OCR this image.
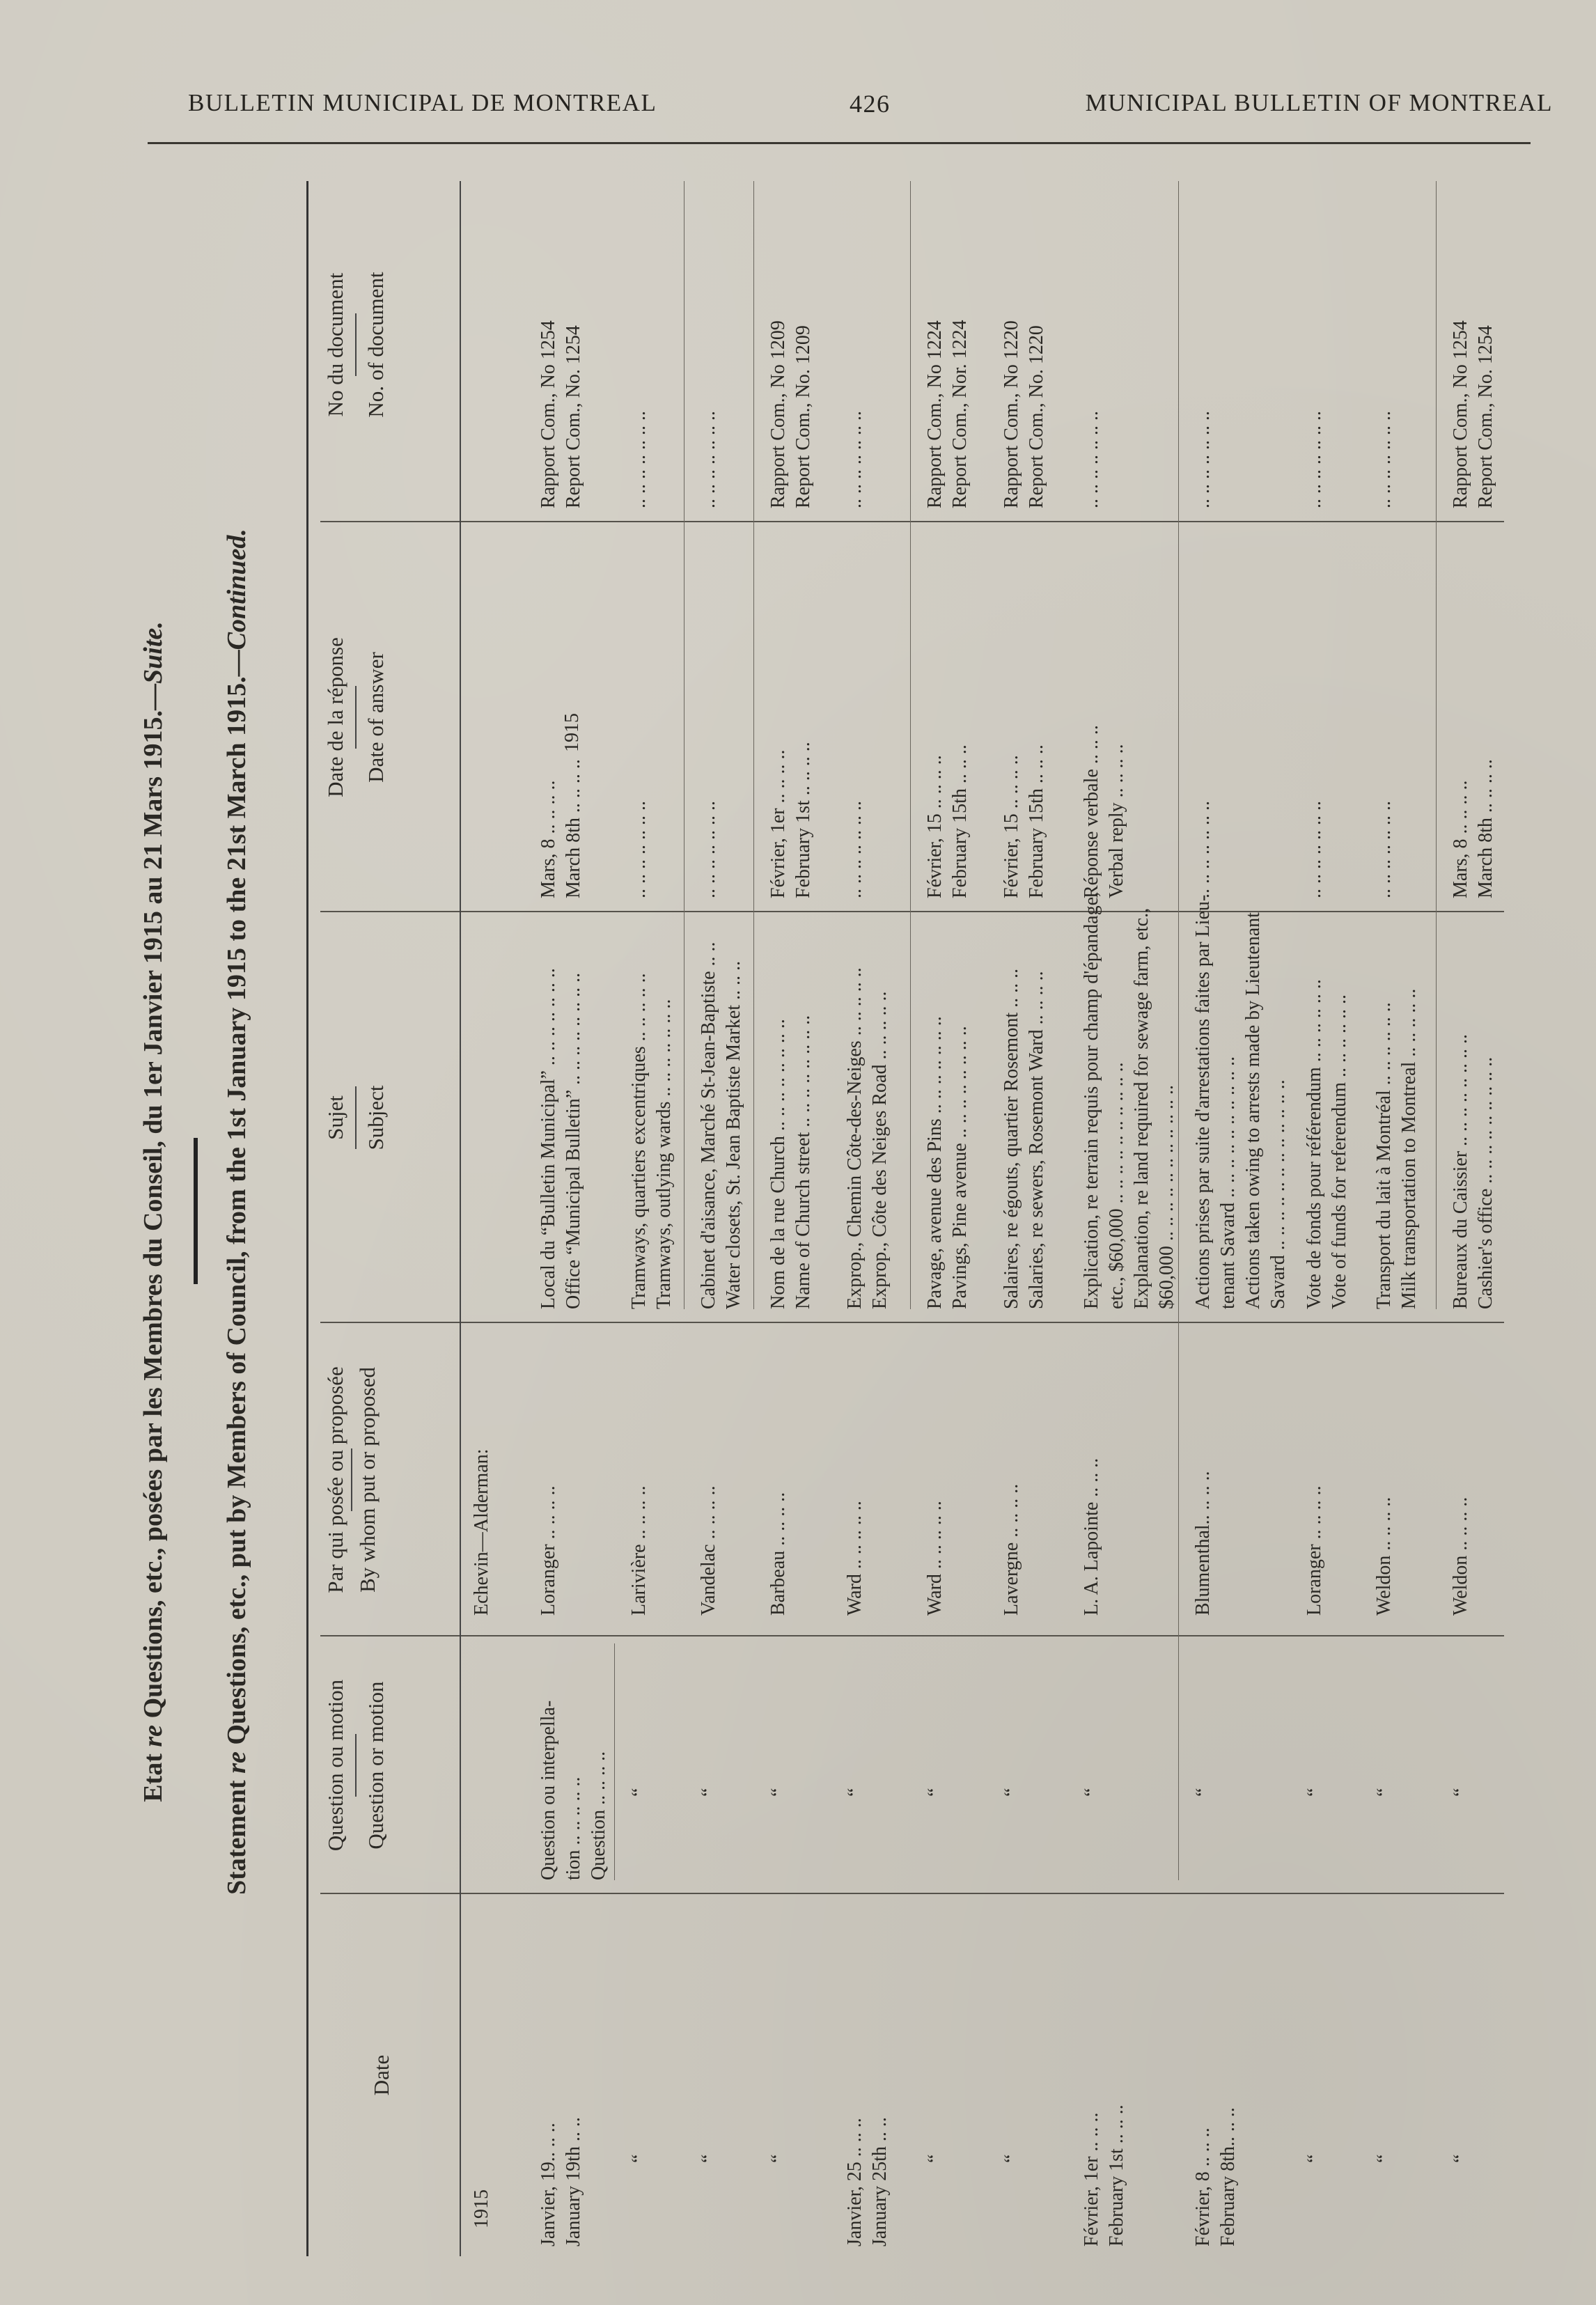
BULLETIN MUNICIPAL DE MONTREAL	426	MUNICIPAL BULLETIN OF MONTREAL
Etat re Questions, etc., posées par les Membres du Conseil, du 1er Janvier 1915 au 21 Mars 1915.—Suite.
Statement re Questions, etc., put by Members of Council, from the 1st January 1915 to the 21st March 1915.—Continued.
Date
Question ou motion Question or motion
Par qui posée ou proposée
By whom put or proposed
Sujet Subject
Date de la réponse Date of answer
No du document No. of document
1915
Echevin—Alderman:
1915
Janvier, 19.. .. .. January 19th .. ..
Question ou interpella- tion .. .. .. .. .. Question .. .. .. ..
Loranger .. .. .. ..
Local du “Bulletin Municipal” .. .. .. .. .. .. .. Office “Municipal Bulletin” .. .. .. .. .. .. .. ..
Mars, 8 .. .. .. .. March 8th .. .. .. ..
Rapport Com., No 1254 Report Com., No. 1254
“
“
Larivière .. .. .. ..
Tramways, quartiers excentriques .. .. .. .. .. Tramways, outlying wards .. .. .. .. .. .. ..
.. .. .. .. .. .. ..
.. .. .. .. .. .. ..
“
“
Vandelac .. .. .. ..
Cabinet d'aisance, Marché St-Jean-Baptiste .. .. Water closets, St. Jean Baptiste Market .. .. ..
.. .. .. .. .. .. ..
.. .. .. .. .. .. ..
“
“
Barbeau .. .. .. ..
Nom de la rue Church .. .. .. .. .. .. .. .. Name of Church street .. .. .. .. .. .. .. ..
Février, 1er .. .. .. .. February 1st .. .. .. ..
Rapport Com., No 1209 Report Com., No. 1209
Janvier, 25 .. .. .. January 25th .. ..
“
Ward .. .. .. .. ..
Exprop., Chemin Côte-des-Neiges .. .. .. .. .. Exprop., Côte des Neiges Road .. .. .. .. ..
.. .. .. .. .. .. ..
.. .. .. .. .. .. ..
“
“
Ward .. .. .. .. ..
Pavage, avenue des Pins .. .. .. .. .. .. .. Pavings, Pine avenue .. .. .. .. .. .. .. ..
Février, 15 .. .. .. .. February 15th .. .. ..
Rapport Com., No 1224 Report Com., Nor. 1224
“
“
Lavergne .. .. .. ..
Salaires, re égouts, quartier Rosemont .. .. .. Salaries, re sewers, Rosemont Ward .. .. .. ..
Février, 15 .. .. .. .. February 15th .. .. ..
Rapport Com., No 1220 Report Com., No. 1220
Février, 1er .. .. .. February 1st .. .. ..
“
L. A. Lapointe .. .. ..
Explication, re terrain requis pour champ d'épandage, etc., $60,000 .. .. .. .. .. .. .. .. .. .. Explanation, re land required for sewage farm, etc., $60,000 .. .. .. .. .. .. .. .. .. .. ..
Réponse verbale .. .. .. Verbal reply .. .. .. ..
.. .. .. .. .. .. ..
Février, 8 .. .. .. February 8th.. .. ..
“
Blumenthal.. .. .. ..
Actions prises par suite d'arrestations faites par Lieu- tenant Savard .. .. .. .. .. .. .. .. .. .. Actions taken owing to arrests made by Lieutenant Savard .. .. .. .. .. .. .. .. .. .. .. ..
.. .. .. .. .. .. ..
.. .. .. .. .. .. ..
“
“
Loranger .. .. .. ..
Vote de fonds pour référendum .. .. .. .. .. .. Vote of funds for referendum .. .. .. .. .. ..
.. .. .. .. .. .. ..
.. .. .. .. .. .. ..
“
“
Weldon .. .. .. ..
Transport du lait à Montréal .. .. .. .. .. .. Milk transportation to Montreal .. .. .. .. ..
.. .. .. .. .. .. ..
.. .. .. .. .. .. ..
“
“
Weldon .. .. .. ..
Bureaux du Caissier .. .. .. .. .. .. .. .. Cashier's office .. .. .. .. .. .. .. .. ..
Mars, 8 .. .. .. .. March 8th .. .. .. ..
Rapport Com., No 1254 Report Com., No. 1254
